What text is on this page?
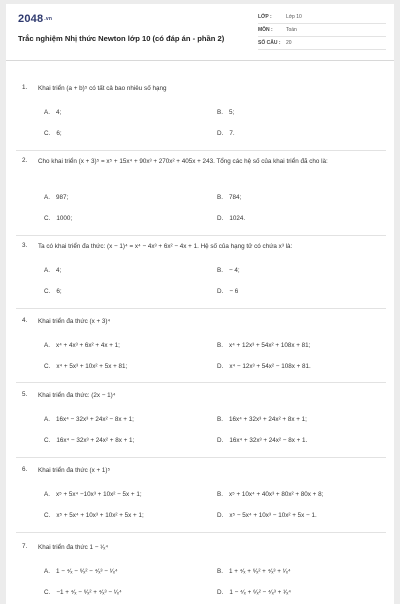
2048.vn
Trắc nghiệm Nhị thức Newton lớp 10 (có đáp án - phần 2)
LỚP :	Lớp 10
MÔN :	Toán
SỐ CÂU : 20
1. Khai triển (a + b)⁵ có tất cả bao nhiêu số hạng
A. 4;	B. 5;
C. 6;	D. 7.
2. Cho khai triển (x + 3)⁵ = x⁵ + 15x⁴ + 90x³ + 270x² + 405x + 243. Tổng các hệ số của khai triển đã cho là:
A. 987;	B. 784;
C. 1000;	D. 1024.
3. Ta có khai triển đa thức: (x − 1)⁴ = x⁴ − 4x³ + 6x² − 4x + 1. Hệ số của hạng tử có chứa x³ là:
A. 4;	B. − 4;
C. 6;	D. − 6
4. Khai triển đa thức (x + 3)⁴
A. x⁴ + 4x³ + 6x² + 4x + 1;	B. x⁴ + 12x³ + 54x² + 108x + 81;
C. x⁴ + 5x³ + 10x² + 5x + 81;	D. x⁴ − 12x³ + 54x² − 108x + 81.
5. Khai triển đa thức: (2x − 1)⁴
A. 16x⁴ − 32x³ + 24x² − 8x + 1;	B. 16x⁴ + 32x³ + 24x² + 8x + 1;
C. 16x⁴ − 32x³ + 24x² + 8x + 1;	D. 16x⁴ + 32x³ + 24x² − 8x + 1.
6. Khai triển đa thức (x + 1)⁵
A. x⁵ + 5x⁴ −10x³ + 10x² − 5x + 1;	B. x⁵ + 10x⁴ + 40x³ + 80x² + 80x + 8;
C. x⁵ + 5x⁴ + 10x³ + 10x² + 5x + 1;	D. x⁵ − 5x⁴ + 10x³ − 10x² + 5x − 1.
7. Khai triển đa thức 1 − ¹⁄ₓ⁴
A. 1 − ⁴⁄ₓ − ⁶⁄ₓ² − ⁴⁄ₓ³ − ¹⁄ₓ⁴	B. 1 + ⁴⁄ₓ + ⁶⁄ₓ² + ⁴⁄ₓ³ + ¹⁄ₓ⁴
C. −1 + ⁴⁄ₓ − ⁶⁄ₓ² + ⁴⁄ₓ³ − ¹⁄ₓ⁴	D. 1 − ⁴⁄ₓ + ⁶⁄ₓ² − ⁴⁄ₓ³ + ¹⁄ₓ⁴
